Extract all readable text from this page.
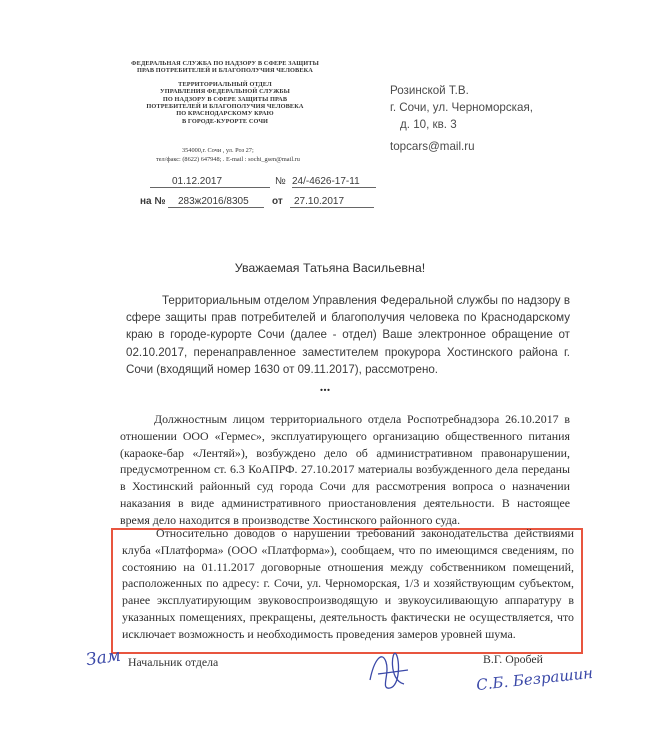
ФЕДЕРАЛЬНАЯ СЛУЖБА ПО НАДЗОРУ В СФЕРЕ ЗАЩИТЫ
ПРАВ ПОТРЕБИТЕЛЕЙ И БЛАГОПОЛУЧИЯ ЧЕЛОВЕКА
ТЕРРИТОРИАЛЬНЫЙ ОТДЕЛ
УПРАВЛЕНИЯ ФЕДЕРАЛЬНОЙ СЛУЖБЫ
ПО НАДЗОРУ В СФЕРЕ ЗАЩИТЫ ПРАВ
ПОТРЕБИТЕЛЕЙ И БЛАГОПОЛУЧИЯ ЧЕЛОВЕКА
ПО КРАСНОДАРСКОМУ КРАЮ
В ГОРОДЕ-КУРОРТЕ СОЧИ
354000,г. Сочи , ул. Роз 27;
тел/факс: (8622) 647948; . E-mail : sochi_gsen@mail.ru
Розинской Т.В.
г. Сочи, ул. Черноморская,
д. 10, кв. 3
topcars@mail.ru
01.12.2017	№ 24/-4626-17-11
на №	283ж2016/8305	от	27.10.2017
Уважаемая Татьяна Васильевна!
Территориальным отделом Управления Федеральной службы по надзору в сфере защиты прав потребителей и благополучия человека по Краснодарскому краю в городе-курорте Сочи (далее - отдел) Ваше электронное обращение от 02.10.2017, перенаправленное заместителем прокурора Хостинского района г. Сочи (входящий номер 1630 от 09.11.2017), рассмотрено.
...
Должностным лицом территориального отдела Роспотребнадзора 26.10.2017 в отношении ООО «Гермес», эксплуатирующего организацию общественного питания (караоке-бар «Лентяй»), возбуждено дело об административном правонарушении, предусмотренном ст. 6.3 КоАПРФ. 27.10.2017 материалы возбужденного дела переданы в Хостинский районный суд города Сочи для рассмотрения вопроса о назначении наказания в виде административного приостановления деятельности. В настоящее время дело находится в производстве Хостинского районного суда.
Относительно доводов о нарушении требований законодательства действиями клуба «Платформа» (ООО «Платформа»), сообщаем, что по имеющимся сведениям, по состоянию на 01.11.2017 договорные отношения между собственником помещений, расположенных по адресу: г. Сочи, ул. Черноморская, 1/3 и хозяйствующим субъектом, ранее эксплуатирующим звуковоспроизводящую и звукоусиливающую аппаратуру в указанных помещениях, прекращены, деятельность фактически не осуществляется, что исключает возможность и необходимость проведения замеров уровней шума.
Начальник отдела	В.Г. Оробей
Зам
С.Б. Безрашин
